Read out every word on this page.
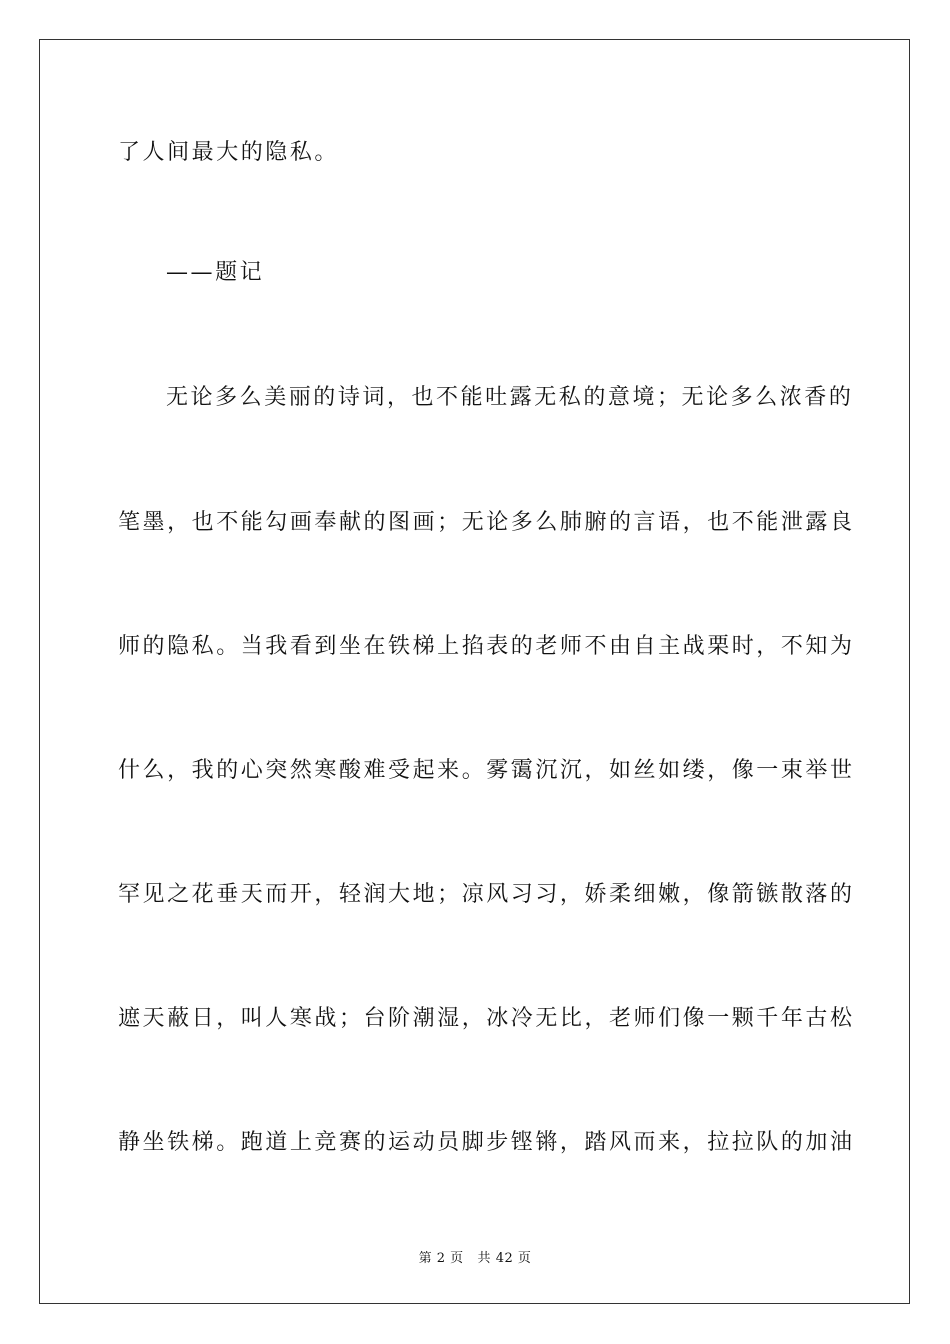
了人间最大的隐私。
——题记
无论多么美丽的诗词，也不能吐露无私的意境；无论多么浓香的
笔墨，也不能勾画奉献的图画；无论多么肺腑的言语，也不能泄露良
师的隐私。当我看到坐在铁梯上掐表的老师不由自主战栗时，不知为
什么，我的心突然寒酸难受起来。雾霭沉沉，如丝如缕，像一束举世
罕见之花垂天而开，轻润大地；凉风习习，娇柔细嫩，像箭镞散落的
遮天蔽日，叫人寒战；台阶潮湿，冰冷无比，老师们像一颗千年古松
静坐铁梯。跑道上竞赛的运动员脚步铿锵，踏风而来，拉拉队的加油
第 2 页   共 42 页
